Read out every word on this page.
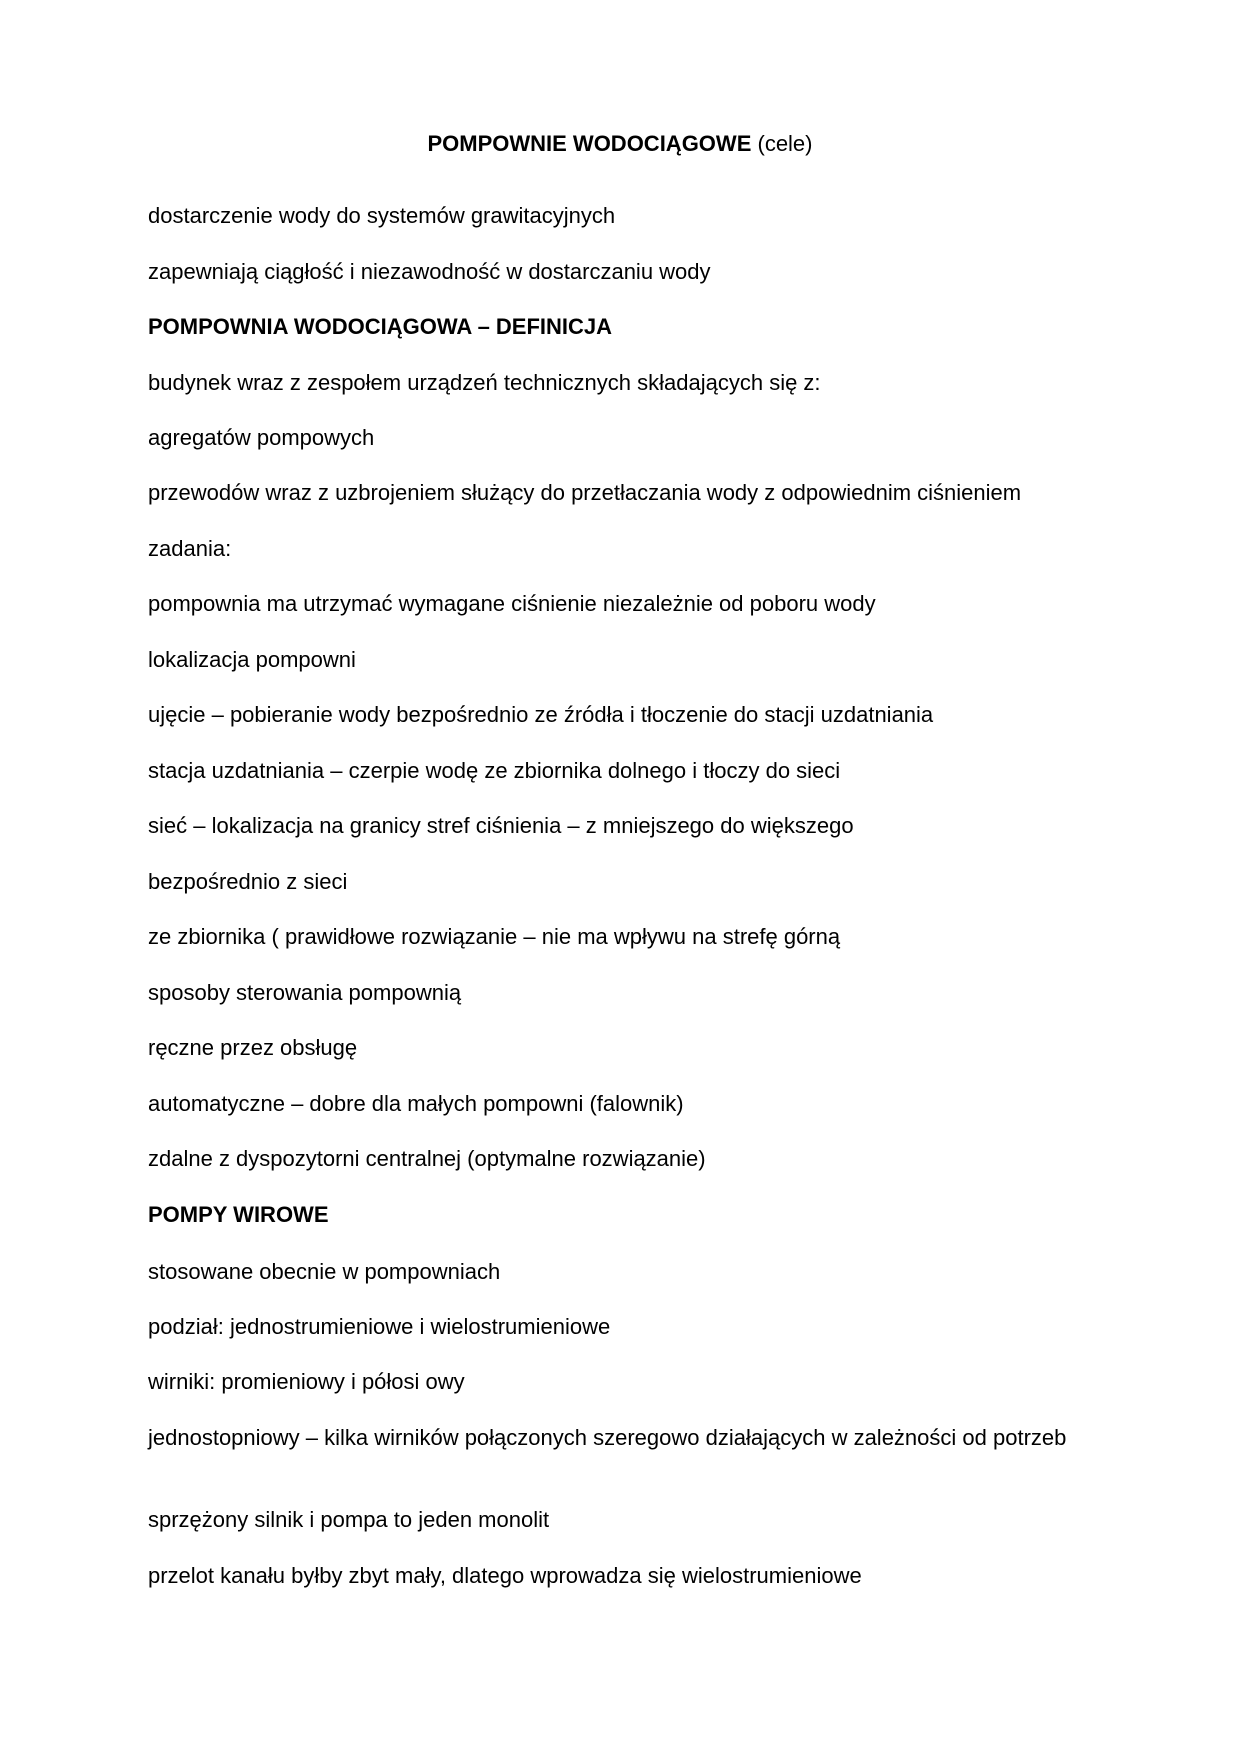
POMPOWNIE WODOCIĄGOWE (cele)
dostarczenie wody do systemów grawitacyjnych
zapewniają ciągłość i niezawodność w dostarczaniu wody
POMPOWNIA WODOCIĄGOWA – DEFINICJA
budynek wraz z zespołem urządzeń technicznych składających się z:
agregatów pompowych
przewodów wraz z uzbrojeniem służący do przetłaczania wody z odpowiednim ciśnieniem
zadania:
pompownia ma utrzymać wymagane ciśnienie niezależnie od poboru wody
lokalizacja pompowni
ujęcie – pobieranie wody bezpośrednio ze źródła i tłoczenie do stacji uzdatniania
stacja uzdatniania – czerpie wodę ze zbiornika dolnego i tłoczy do sieci
sieć – lokalizacja na granicy stref ciśnienia – z mniejszego do większego
bezpośrednio z sieci
ze zbiornika ( prawidłowe rozwiązanie – nie ma wpływu na strefę górną
sposoby sterowania pompownią
ręczne przez obsługę
automatyczne – dobre dla małych pompowni (falownik)
zdalne z dyspozytorni centralnej (optymalne rozwiązanie)
POMPY WIROWE
stosowane obecnie w pompowniach
podział: jednostrumieniowe i wielostrumieniowe
wirniki: promieniowy i półosi owy
jednostopniowy – kilka wirników połączonych szeregowo działających w zależności od potrzeb
sprzężony silnik i pompa to jeden monolit
przelot kanału byłby zbyt mały, dlatego wprowadza się wielostrumieniowe
